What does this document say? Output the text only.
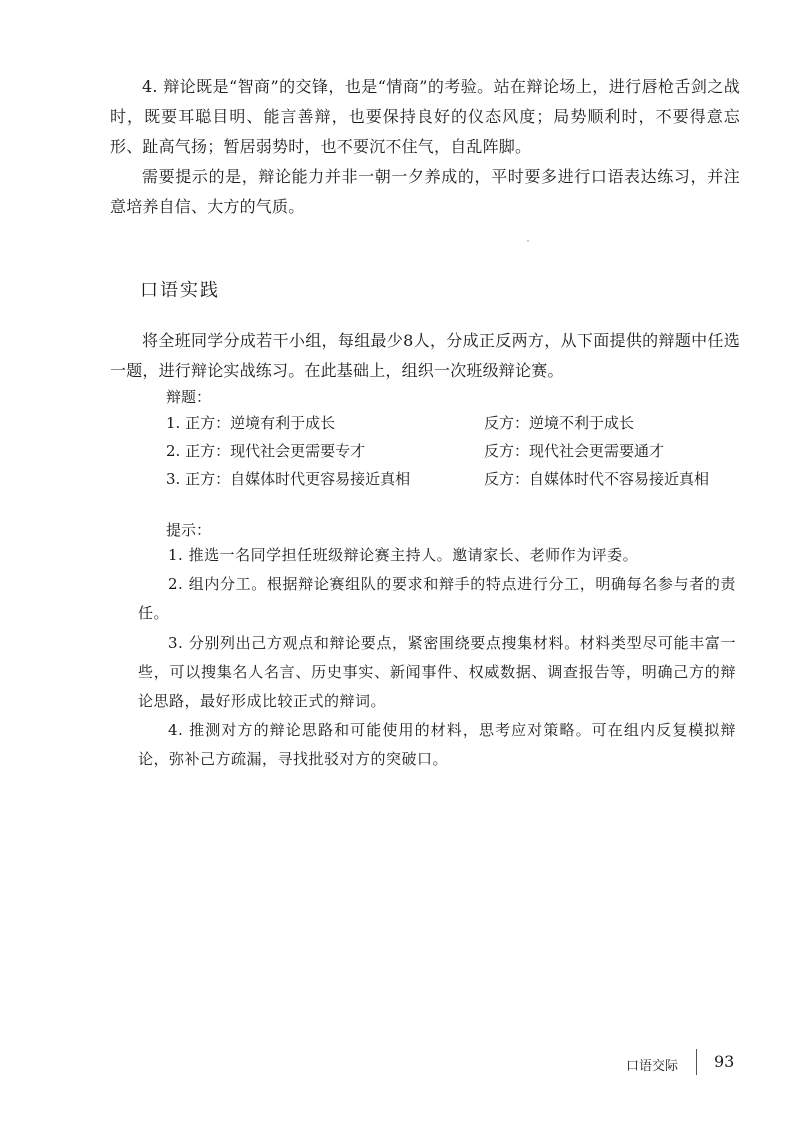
4. 辩论既是“智商”的交锋，也是“情商”的考验。站在辩论场上，进行唇枪舌剑之战时，既要耳聪目明、能言善辩，也要保持良好的仪态风度；局势顺利时，不要得意忘形、趾高气扬；暂居弱势时，也不要沉不住气，自乱阵脚。

需要提示的是，辩论能力并非一朝一夕养成的，平时要多进行口语表达练习，并注意培养自信、大方的气质。

口语实践

将全班同学分成若干小组，每组最少8人，分成正反两方，从下面提供的辩题中任选一题，进行辩论实战练习。在此基础上，组织一次班级辩论赛。

辩题：

1. 正方：逆境有利于成长	反方：逆境不利于成长
2. 正方：现代社会更需要专才	反方：现代社会更需要通才
3. 正方：自媒体时代更容易接近真相	反方：自媒体时代不容易接近真相

提示：

1. 推选一名同学担任班级辩论赛主持人。邀请家长、老师作为评委。

2. 组内分工。根据辩论赛组队的要求和辩手的特点进行分工，明确每名参与者的责任。

3. 分别列出己方观点和辩论要点，紧密围绕要点搜集材料。材料类型尽可能丰富一些，可以搜集名人名言、历史事实、新闻事件、权威数据、调查报告等，明确己方的辩论思路，最好形成比较正式的辩词。

4. 推测对方的辩论思路和可能使用的材料，思考应对策略。可在组内反复模拟辩论，弥补己方疏漏，寻找批驳对方的突破口。

口语交际 93
